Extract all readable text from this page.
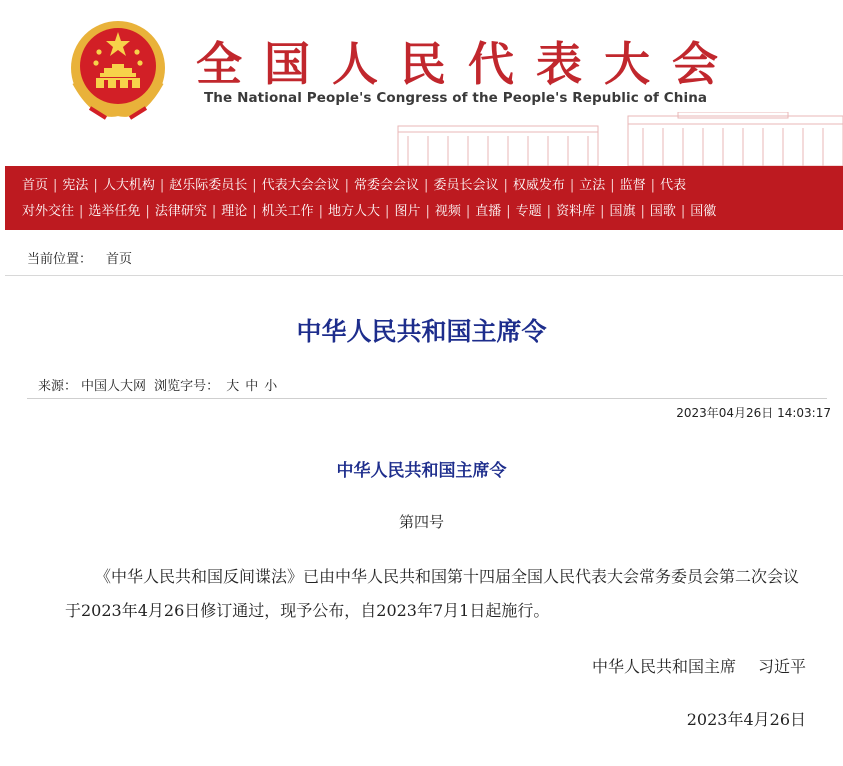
全国人民代表大会
The National People's Congress of the People's Republic of China
首页 | 宪法 | 人大机构 | 赵乐际委员长 | 代表大会会议 | 常委会会议 | 委员长会议 | 权威发布 | 立法 | 监督 | 代表
对外交往 | 选举任免 | 法律研究 | 理论 | 机关工作 | 地方人大 | 图片 | 视频 | 直播 | 专题 | 资料库 | 国旗 | 国歌 | 国徽
当前位置： 首页
中华人民共和国主席令
来源： 中国人大网 浏览字号： 大 中 小
2023年04月26日 14:03:17
中华人民共和国主席令
第四号
《中华人民共和国反间谍法》已由中华人民共和国第十四届全国人民代表大会常务委员会第二次会议于2023年4月26日修订通过，现予公布，自2023年7月1日起施行。
中华人民共和国主席 习近平
2023年4月26日
